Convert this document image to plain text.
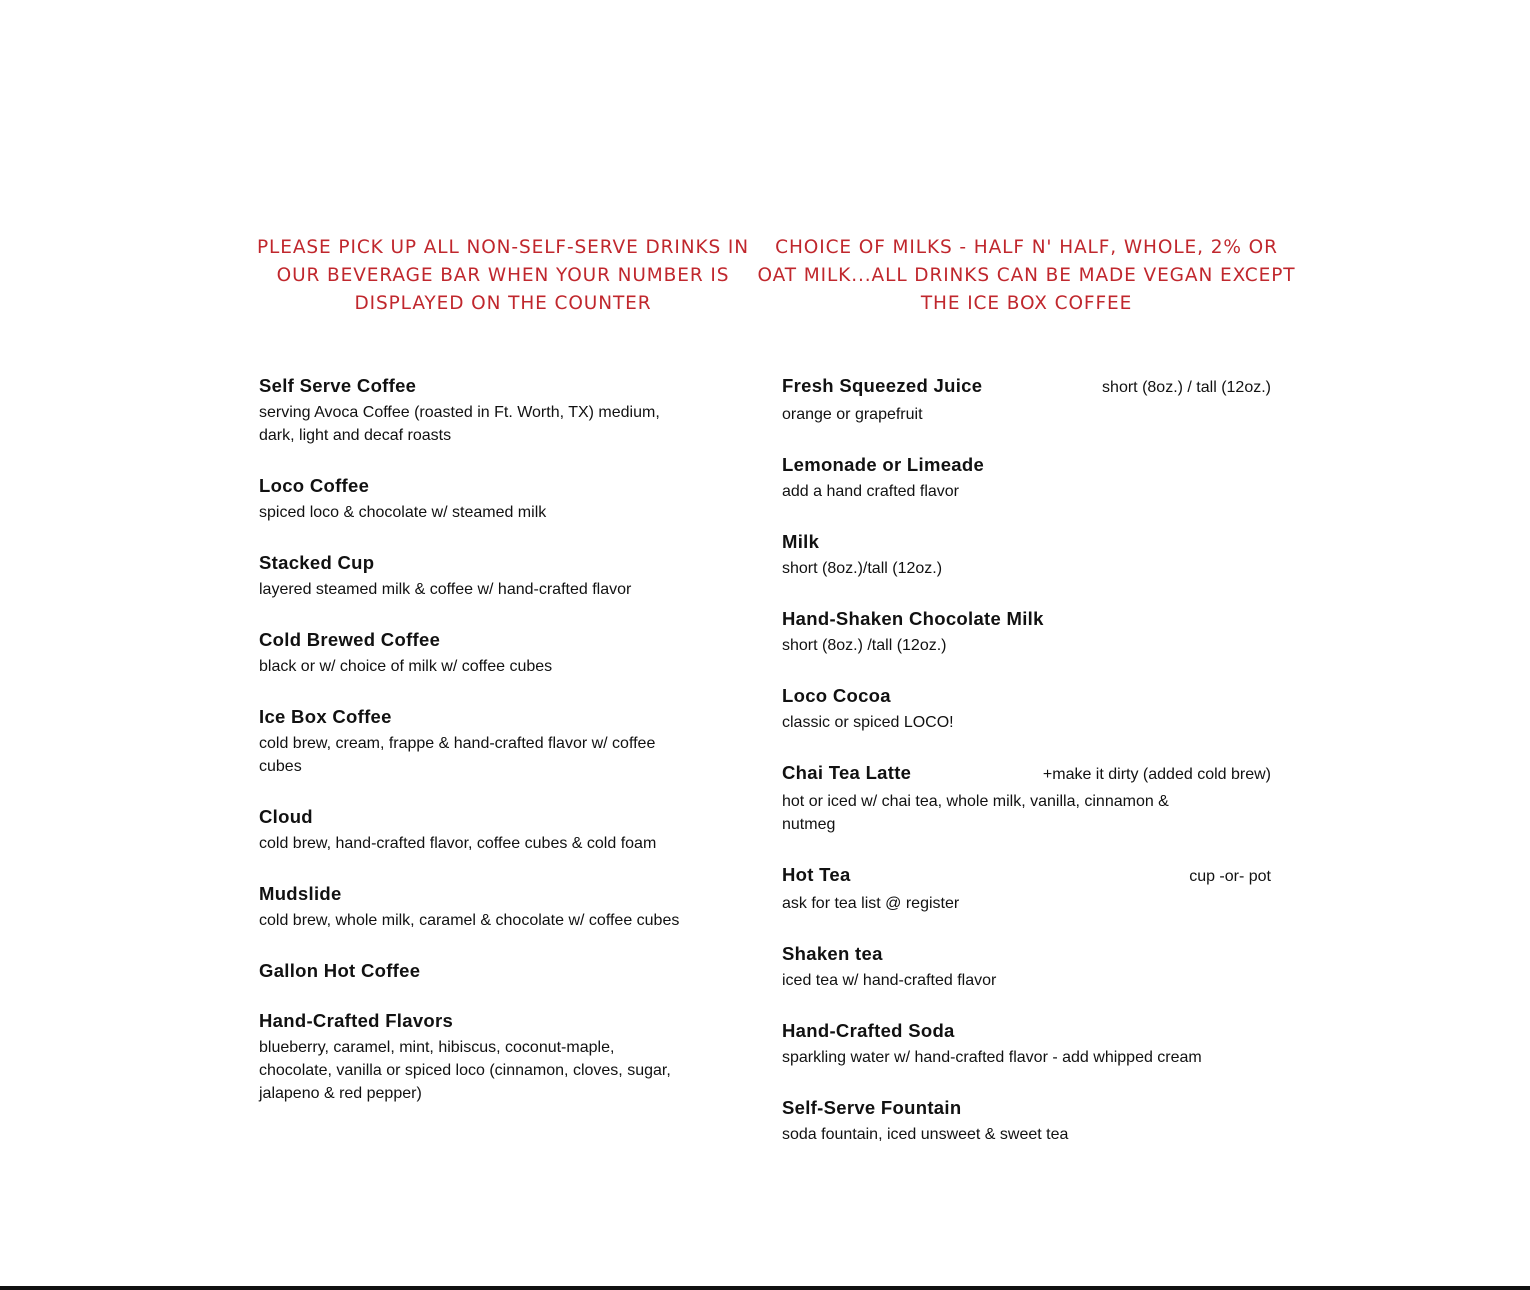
PLEASE PICK UP ALL NON-SELF-SERVE DRINKS IN OUR BEVERAGE BAR WHEN YOUR NUMBER IS DISPLAYED ON THE COUNTER

Self Serve Coffee

serving Avoca Coffee (roasted in Ft. Worth, TX) medium, dark, light and decaf roasts

Loco Coffee

spiced loco & chocolate w/ steamed milk

Stacked Cup

layered steamed milk & coffee w/ hand-crafted flavor

Cold Brewed Coffee

black or w/ choice of milk w/ coffee cubes

Ice Box Coffee

cold brew, cream, frappe & hand-crafted flavor w/ coffee cubes

Cloud

cold brew, hand-crafted flavor, coffee cubes & cold foam

Mudslide

cold brew, whole milk, caramel & chocolate w/ coffee cubes

Gallon Hot Coffee
Hand-Crafted Flavors

blueberry, caramel, mint, hibiscus, coconut-maple, chocolate, vanilla or spiced loco (cinnamon, cloves, sugar, jalapeno & red pepper)

CHOICE OF MILKS - HALF N' HALF, WHOLE, 2% OR OAT MILK...ALL DRINKS CAN BE MADE VEGAN EXCEPT THE ICE BOX COFFEE

Fresh Squeezed Juice	short (8oz.) / tall (12oz.)

orange or grapefruit

Lemonade or Limeade

add a hand crafted flavor

Milk

short (8oz.)/tall (12oz.)

Hand-Shaken Chocolate Milk

short (8oz.) /tall (12oz.)

Loco Cocoa

classic or spiced LOCO!

Chai Tea Latte	+make it dirty (added cold brew)

hot or iced w/ chai tea, whole milk, vanilla, cinnamon & nutmeg

Hot Tea	cup -or- pot

ask for tea list @ register

Shaken tea

iced tea w/ hand-crafted flavor

Hand-Crafted Soda

sparkling water w/ hand-crafted flavor - add whipped cream

Self-Serve Fountain

soda fountain, iced unsweet & sweet tea
